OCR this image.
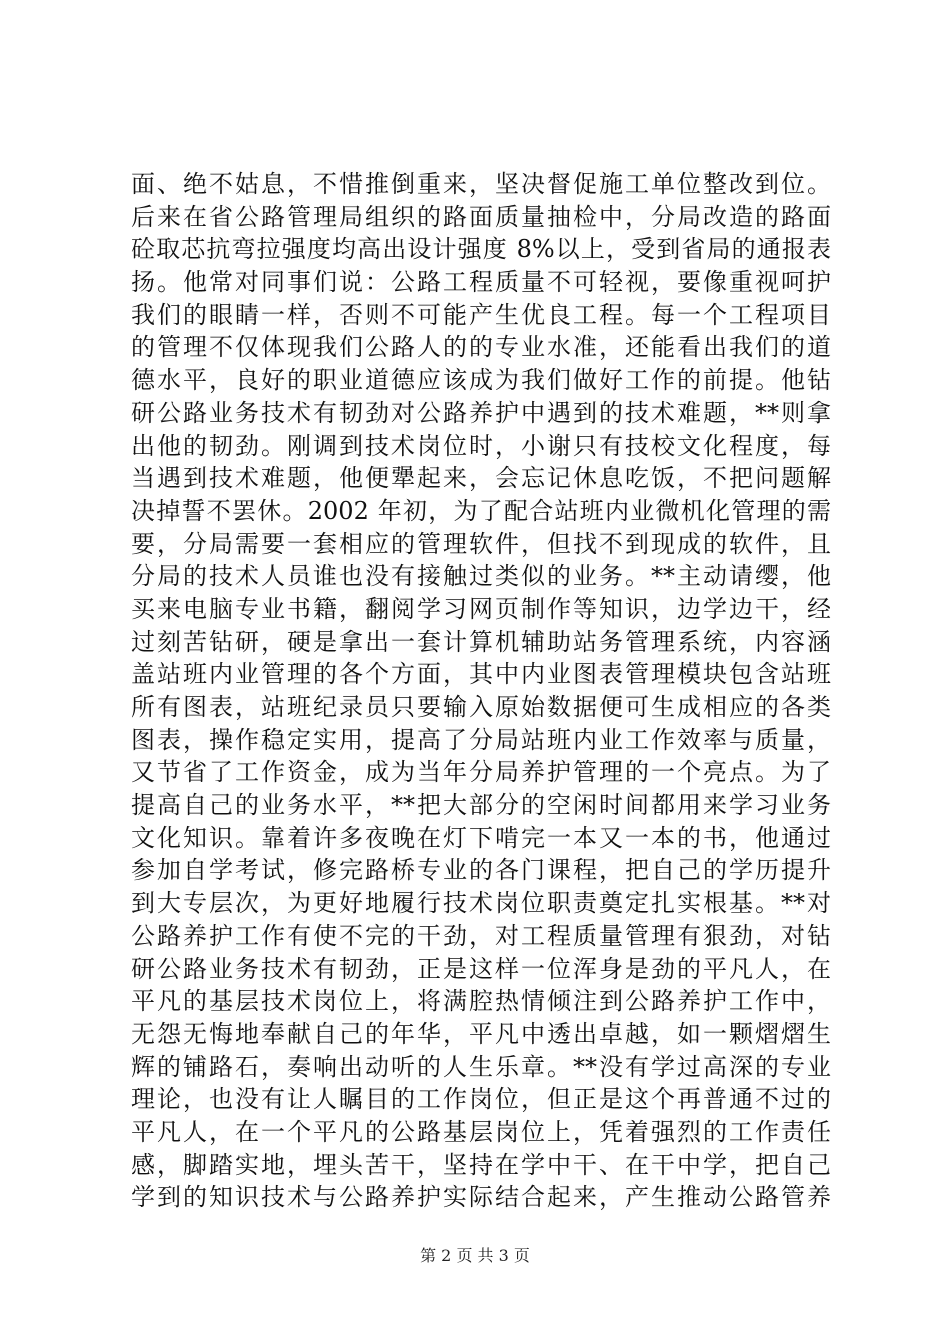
面、绝不姑息，不惜推倒重来，坚决督促施工单位整改到位。
后来在省公路管理局组织的路面质量抽检中，分局改造的路面
砼取芯抗弯拉强度均高出设计强度 8%以上，受到省局的通报表
扬。他常对同事们说：公路工程质量不可轻视，要像重视呵护
我们的眼睛一样，否则不可能产生优良工程。每一个工程项目
的管理不仅体现我们公路人的的专业水准，还能看出我们的道
德水平，良好的职业道德应该成为我们做好工作的前提。他钻
研公路业务技术有韧劲对公路养护中遇到的技术难题，**则拿
出他的韧劲。刚调到技术岗位时，小谢只有技校文化程度，每
当遇到技术难题，他便犟起来，会忘记休息吃饭，不把问题解
决掉誓不罢休。2002 年初，为了配合站班内业微机化管理的需
要，分局需要一套相应的管理软件，但找不到现成的软件，且
分局的技术人员谁也没有接触过类似的业务。**主动请缨，他
买来电脑专业书籍，翻阅学习网页制作等知识，边学边干，经
过刻苦钻研，硬是拿出一套计算机辅助站务管理系统，内容涵
盖站班内业管理的各个方面，其中内业图表管理模块包含站班
所有图表，站班纪录员只要输入原始数据便可生成相应的各类
图表，操作稳定实用，提高了分局站班内业工作效率与质量，
又节省了工作资金，成为当年分局养护管理的一个亮点。为了
提高自己的业务水平，**把大部分的空闲时间都用来学习业务
文化知识。靠着许多夜晚在灯下啃完一本又一本的书，他通过
参加自学考试，修完路桥专业的各门课程，把自己的学历提升
到大专层次，为更好地履行技术岗位职责奠定扎实根基。**对
公路养护工作有使不完的干劲，对工程质量管理有狠劲，对钻
研公路业务技术有韧劲，正是这样一位浑身是劲的平凡人，在
平凡的基层技术岗位上，将满腔热情倾注到公路养护工作中，
无怨无悔地奉献自己的年华，平凡中透出卓越，如一颗熠熠生
辉的铺路石，奏响出动听的人生乐章。**没有学过高深的专业
理论，也没有让人瞩目的工作岗位，但正是这个再普通不过的
平凡人，在一个平凡的公路基层岗位上，凭着强烈的工作责任
感，脚踏实地，埋头苦干，坚持在学中干、在干中学，把自己
学到的知识技术与公路养护实际结合起来，产生推动公路管养
第 2 页 共 3 页
